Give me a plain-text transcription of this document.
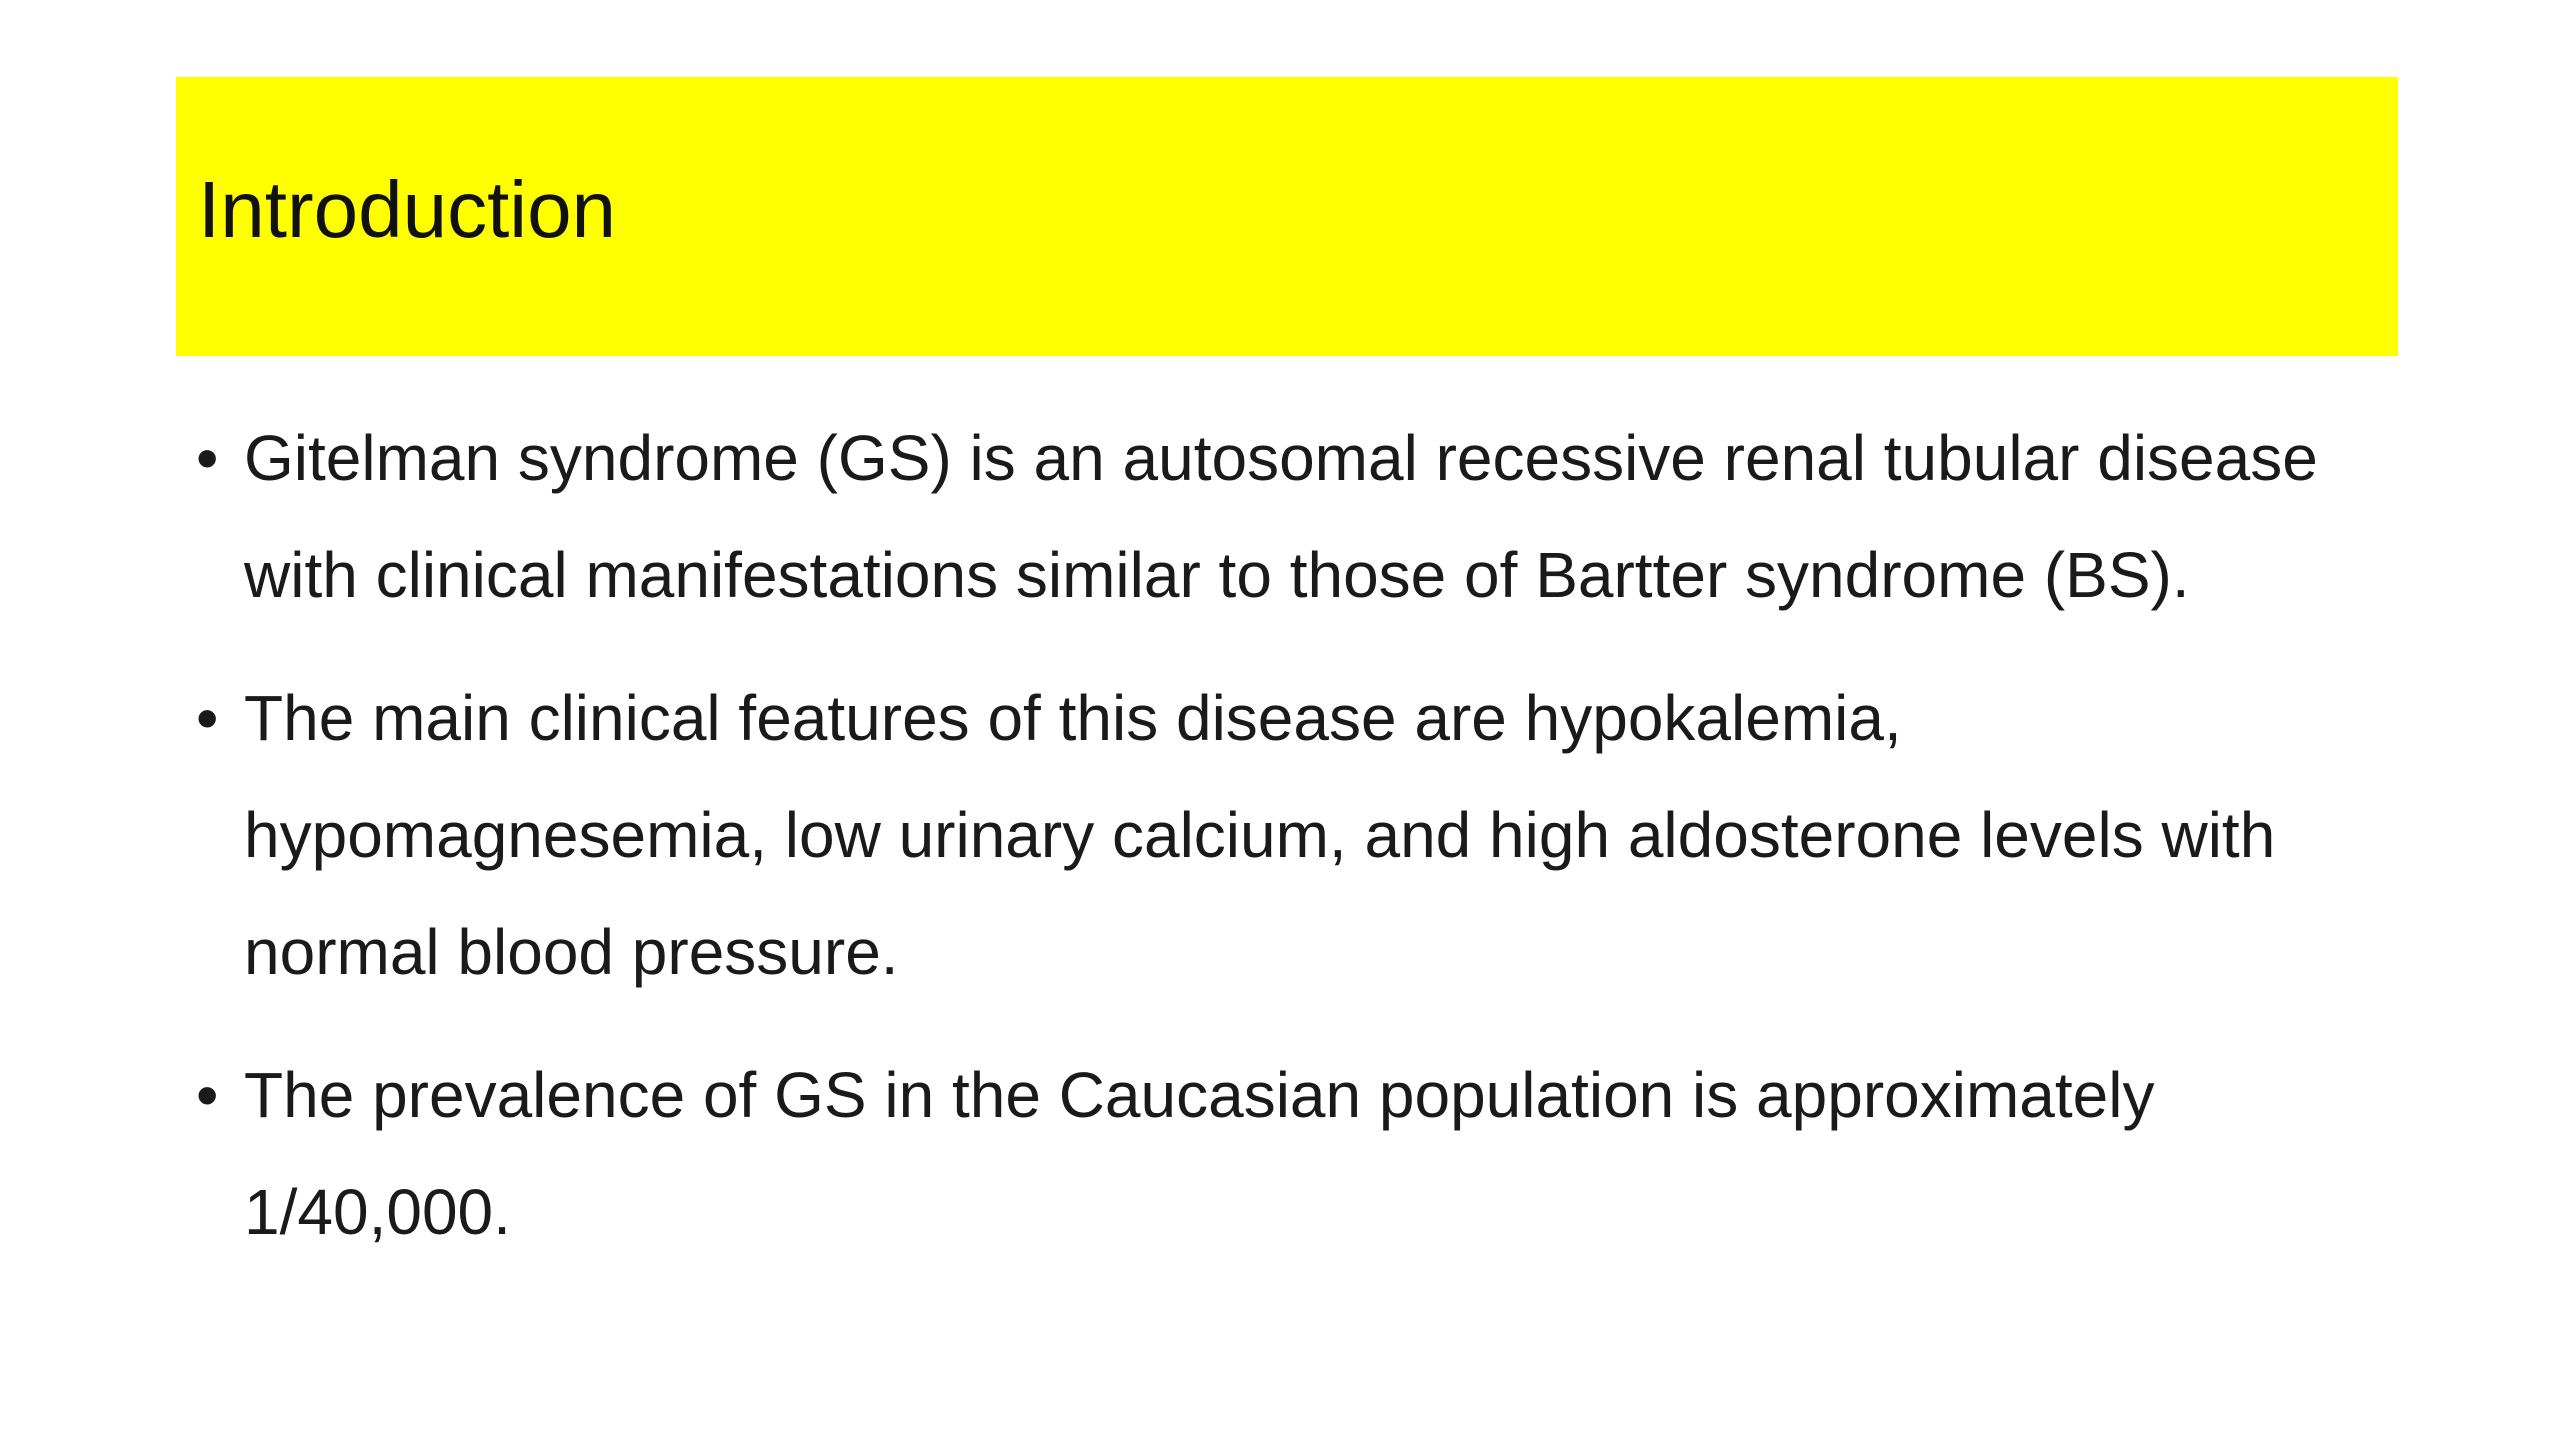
Introduction
• Gitelman syndrome (GS) is an autosomal recessive renal tubular disease with clinical manifestations similar to those of Bartter syndrome (BS).
• The main clinical features of this disease are hypokalemia, hypomagnesemia, low urinary calcium, and high aldosterone levels with normal blood pressure.
• The prevalence of GS in the Caucasian population is approximately 1/40,000.
